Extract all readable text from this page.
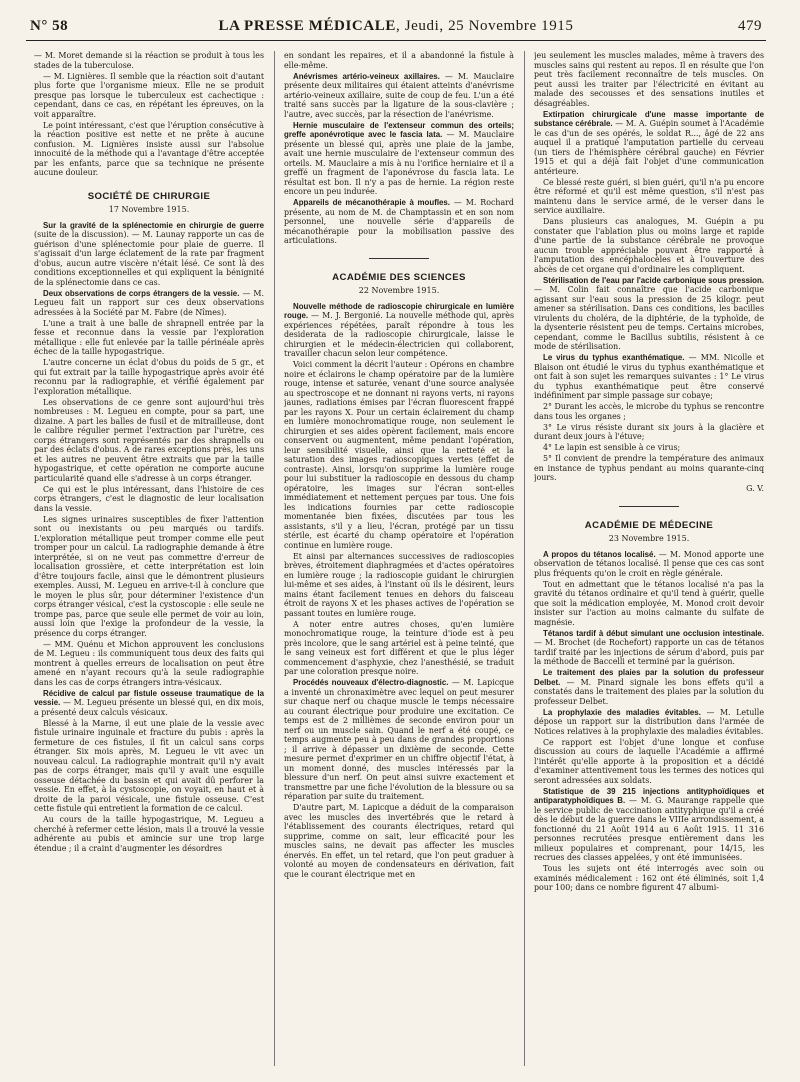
N° 58	LA PRESSE MÉDICALE, Jeudi, 25 Novembre 1915	479

— M. Moret demande si la réaction se produit à tous les stades de la tuberculose.

— M. Lignières. Il semble que la réaction soit d'autant plus forte que l'organisme mieux. Elle ne se produit presque pas lorsque le tuberculeux est cachectique : cependant, dans ce cas, en répétant les épreuves, on la voit apparaître.

Le point intéressant, c'est que l'éruption consécutive à la réaction positive est nette et ne prête à aucune confusion. M. Lignières insiste aussi sur l'absolue innocuité de la méthode qui a l'avantage d'être acceptée par les enfants, parce que sa technique ne présente aucune douleur.

SOCIÉTÉ DE CHIRURGIE

17 Novembre 1915.

Sur la gravité de la splénectomie en chirurgie de guerre (suite de la discussion). — M. Launay rapporte un cas de guérison d'une splénectomie pour plaie de guerre. Il s'agissait d'un large éclatement de la rate par fragment d'obus, aucun autre viscère n'était lésé. Ce sont là des conditions exceptionnelles et qui expliquent la bénignité de la splénectomie dans ce cas.

Deux observations de corps étrangers de la vessie. — M. Legueu fait un rapport sur ces deux observations adressées à la Société par M. Fabre (de Nîmes).

L'une a trait à une balle de shrapnell entrée par la fesse et reconnue dans la vessie par l'exploration métallique : elle fut enlevée par la taille périnéale après échec de la taille hypogastrique.

L'autre concerne un éclat d'obus du poids de 5 gr., et qui fut extrait par la taille hypogastrique après avoir été reconnu par la radiographie, et vérifié également par l'exploration métallique.

Les observations de ce genre sont aujourd'hui très nombreuses : M. Legueu en compte, pour sa part, une dizaine. A part les balles de fusil et de mitrailleuse, dont le calibre régulier permet l'extraction par l'urètre, ces corps étrangers sont représentés par des shrapnells ou par des éclats d'obus. A de rares exceptions près, les uns et les autres ne peuvent être extraits que par la taille hypogastrique, et cette opération ne comporte aucune particularité quand elle s'adresse à un corps étranger.

Ce qui est le plus intéressant, dans l'histoire de ces corps étrangers, c'est le diagnostic de leur localisation dans la vessie.

Les signes urinaires susceptibles de fixer l'attention sont ou inexistants ou peu marqués ou tardifs. L'exploration métallique peut tromper comme elle peut tromper pour un calcul. La radiographie demande à être interprétée, si on ne veut pas commettre d'erreur de localisation grossière, et cette interprétation est loin d'être toujours facile, ainsi que le démontrent plusieurs exemples. Aussi, M. Legueu en arrive-t-il à conclure que le moyen le plus sûr, pour déterminer l'existence d'un corps étranger vésical, c'est la cystoscopie : elle seule ne trompe pas, parce que seule elle permet de voir au loin, aussi loin que l'exige la profondeur de la vessie, la présence du corps étranger.

— MM. Quénu et Michon approuvent les conclusions de M. Legueu : ils communiquent tous deux des faits qui montrent à quelles erreurs de localisation on peut être amené en n'ayant recours qu'à la seule radiographie dans les cas de corps étrangers intra-vésicaux.

Récidive de calcul par fistule osseuse traumatique de la vessie. — M. Legueu présente un blessé qui, en dix mois, a présenté deux calculs vésicaux.

Blessé à la Marne, il eut une plaie de la vessie avec fistule urinaire inguinale et fracture du pubis : après la fermeture de ces fistules, il fit un calcul sans corps étranger. Six mois après, M. Legueu le vit avec un nouveau calcul. La radiographie montrait qu'il n'y avait pas de corps étranger, mais qu'il y avait une esquille osseuse détachée du bassin et qui avait dû perforer la vessie. En effet, à la cystoscopie, on voyait, en haut et à droite de la paroi vésicale, une fistule osseuse. C'est cette fistule qui entretient la formation de ce calcul.

Au cours de la taille hypogastrique, M. Legueu a cherché à refermer cette lésion, mais il a trouvé la vessie adhérente au pubis et amincie sur une trop large étendue ; il a craint d'augmenter les désordres

en sondant les repaires, et il a abandonné la fistule à elle-même.

Anévrismes artério-veineux axillaires. — M. Mauclaire présente deux militaires qui étaient atteints d'anévrisme artério-veineux axillaire, suite de coup de feu. L'un a été traité sans succès par la ligature de la sous-clavière ; l'autre, avec succès, par la résection de l'anévrisme.

Hernie musculaire de l'extenseur commun des orteils; greffe aponévrotique avec le fascia lata. — M. Mauclaire présente un blessé qui, après une plaie de la jambe, avait une hernie musculaire de l'extenseur commun des orteils. M. Mauclaire a mis à nu l'orifice herniaire et il a greffé un fragment de l'aponévrose du fascia lata. Le résultat est bon. Il n'y a pas de hernie. La région reste encore un peu indurée.

Appareils de mécanothérapie à moufles. — M. Rochard présente, au nom de M. de Champtassin et en son nom personnel, une nouvelle série d'appareils de mécanothérapie pour la mobilisation passive des articulations.

ACADÉMIE DES SCIENCES

22 Novembre 1915.

Nouvelle méthode de radioscopie chirurgicale en lumière rouge. — M. J. Bergonié. La nouvelle méthode qui, après expériences répétées, paraît répondre à tous les desiderata de la radioscopie chirurgicale, laisse le chirurgien et le médecin-électricien qui collaborent, travailler chacun selon leur compétence.

Voici comment la décrit l'auteur : Opérons en chambre noire et éclairons le champ opératoire par de la lumière rouge, intense et saturée, venant d'une source analysée au spectroscope et ne donnant ni rayons verts, ni rayons jaunes, radiations émises par l'écran fluorescent frappé par les rayons X. Pour un certain éclairement du champ en lumière monochromatique rouge, non seulement le chirurgien et ses aides opèrent facilement, mais encore conservent ou augmentent, même pendant l'opération, leur sensibilité visuelle, ainsi que la netteté et la saturation des images radioscopiques vertes (effet de contraste). Ainsi, lorsqu'on supprime la lumière rouge pour lui substituer la radioscopie en dessous du champ opératoire, les images sur l'écran sont-elles immédiatement et nettement perçues par tous. Une fois les indications fournies par cette radioscopie momentanée bien fixées, discutées par tous les assistants, s'il y a lieu, l'écran, protégé par un tissu stérile, est écarté du champ opératoire et l'opération continue en lumière rouge.

Et ainsi par alternances successives de radioscopies brèves, étroitement diaphragmées et d'actes opératoires en lumière rouge ; la radioscopie guidant le chirurgien lui-même et ses aides, à l'instant où ils le désirent, leurs mains étant facilement tenues en dehors du faisceau étroit de rayons X et les phases actives de l'opération se passant toutes en lumière rouge.

A noter entre autres choses, qu'en lumière monochromatique rouge, la teinture d'iode est à peu près incolore, que le sang artériel est à peine teinté, que le sang veineux est fort différent et que le plus léger commencement d'asphyxie, chez l'anesthésié, se traduit par une coloration presque noire.

Procédés nouveaux d'électro-diagnostic. — M. Lapicque a inventé un chronaximètre avec lequel on peut mesurer sur chaque nerf ou chaque muscle le temps nécessaire au courant électrique pour produire une excitation. Ce temps est de 2 millièmes de seconde environ pour un nerf ou un muscle sain. Quand le nerf a été coupé, ce temps augmente peu à peu dans de grandes proportions ; il arrive à dépasser un dixième de seconde. Cette mesure permet d'exprimer en un chiffre objectif l'état, à un moment donné, des muscles intéressés par la blessure d'un nerf. On peut ainsi suivre exactement et transmettre par une fiche l'évolution de la blessure ou sa réparation par suite du traitement.

D'autre part, M. Lapicque a déduit de la comparaison avec les muscles des invertébrés que le retard à l'établissement des courants électriques, retard qui supprime, comme on sait, leur efficacité pour les muscles sains, ne devait pas affecter les muscles énervés. En effet, un tel retard, que l'on peut graduer à volonté au moyen de condensateurs en dérivation, fait que le courant électrique met en

jeu seulement les muscles malades, même à travers des muscles sains qui restent au repos. Il en résulte que l'on peut très facilement reconnaître de tels muscles. On peut aussi les traiter par l'électricité en évitant au malade des secousses et des sensations inutiles et désagréables.

Extirpation chirurgicale d'une masse importante de substance cérébrale. — M. A. Guépin soumet à l'Académie le cas d'un de ses opérés, le soldat R..., âgé de 22 ans auquel il a pratiqué l'amputation partielle du cerveau (un tiers de l'hémisphère cérébral gauche) en Février 1915 et qui a déjà fait l'objet d'une communication antérieure.

Ce blessé reste guéri, si bien guéri, qu'il n'a pu encore être réformé et qu'il est même question, s'il n'est pas maintenu dans le service armé, de le verser dans le service auxiliaire.

Dans plusieurs cas analogues, M. Guépin a pu constater que l'ablation plus ou moins large et rapide d'une partie de la substance cérébrale ne provoque aucun trouble appréciable pouvant être rapporté à l'amputation des encéphalocèles et à l'ouverture des abcès de cet organe qui d'ordinaire les compliquent.

Stérilisation de l'eau par l'acide carbonique sous pression. — M. Colin fait connaître que l'acide carbonique agissant sur l'eau sous la pression de 25 kilogr. peut amener sa stérilisation. Dans ces conditions, les bacilles virulents du choléra, de la diphtérie, de la typhoïde, de la dysenterie résistent peu de temps. Certains microbes, cependant, comme le Bacillus subtilis, résistent à ce mode de stérilisation.

Le virus du typhus exanthématique. — MM. Nicolle et Blaison ont étudié le virus du typhus exanthématique et ont fait à son sujet les remarques suivantes : 1° Le virus du typhus exanthématique peut être conservé indéfiniment par simple passage sur cobaye;

2° Durant les accès, le microbe du typhus se rencontre dans tous les organes ;

3° Le virus résiste durant six jours à la glacière et durant deux jours à l'étuve;

4° Le lapin est sensible à ce virus;

5° Il convient de prendre la température des animaux en instance de typhus pendant au moins quarante-cinq jours.

G. V.

ACADÉMIE DE MÉDECINE

23 Novembre 1915.

A propos du tétanos localisé. — M. Monod apporte une observation de tétanos localisé. Il pense que ces cas sont plus fréquents qu'on le croit en règle générale.

Tout en admettant que le tétanos localisé n'a pas la gravité du tétanos ordinaire et qu'il tend à guérir, quelle que soit la médication employée, M. Monod croit devoir insister sur l'action au moins calmante du sulfate de magnésie.

Tétanos tardif à début simulant une occlusion intestinale. — M. Brochet (de Rochefort) rapporte un cas de tétanos tardif traité par les injections de sérum d'abord, puis par la méthode de Baccelli et terminé par la guérison.

Le traitement des plaies par la solution du professeur Delbet. — M. Pinard signale les bons effets qu'il a constatés dans le traitement des plaies par la solution du professeur Delbet.

La prophylaxie des maladies évitables. — M. Letulle dépose un rapport sur la distribution dans l'armée de Notices relatives à la prophylaxie des maladies évitables.

Ce rapport est l'objet d'une longue et confuse discussion au cours de laquelle l'Académie a affirmé l'intérêt qu'elle apporte à la proposition et a décidé d'examiner attentivement tous les termes des notices qui seront adressées aux soldats.

Statistique de 39 215 injections antityphoïdiques et antiparatyphoïdiques B. — M. G. Maurange rappelle que le service public de vaccination antityphique qu'il a créé dès le début de la guerre dans le VIIIe arrondissement, a fonctionné du 21 Août 1914 au 6 Août 1915. 11 316 personnes recrutées presque entièrement dans les milieux populaires et comprenant, pour 14/15, les recrues des classes appelées, y ont été immunisées.

Tous les sujets ont été interrogés avec soin ou examinés médicalement : 162 ont été éliminés, soit 1,4 pour 100; dans ce nombre figurent 47 albumi-
